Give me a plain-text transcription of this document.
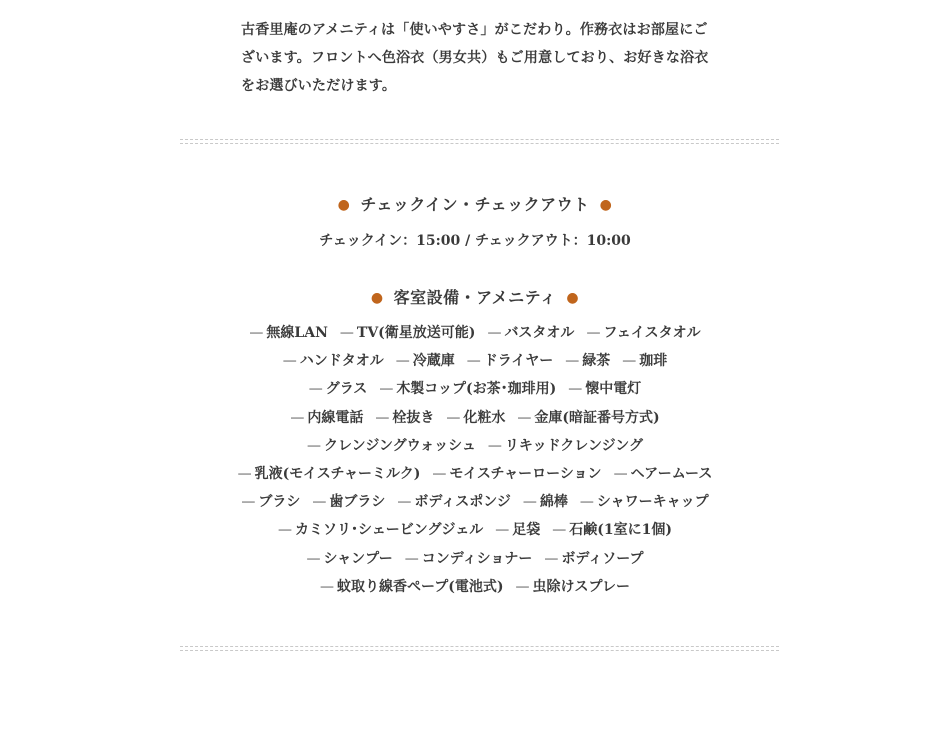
古香里庵のアメニティは「使いやすさ」がこだわり。作務衣はお部屋にご
ざいます。フロントへ色浴衣（男女共）もご用意しており、お好きな浴衣
をお選びいただけます。
● チェックイン・チェックアウト ●
チェックイン：15:00 / チェックアウト：10:00
● 客室設備・アメニティ ●
— 無線LAN — TV(衛星放送可能) — バスタオル — フェイスタオル
— ハンドタオル — 冷蔵庫 — ドライヤー — 緑茶 — 珈琲
— グラス — 木製コップ(お茶･珈琲用) — 懐中電灯
— 内線電話 — 栓抜き — 化粧水 — 金庫(暗証番号方式)
— クレンジングウォッシュ — リキッドクレンジング
— 乳液(モイスチャーミルク) — モイスチャーローション — ヘアームース
— ブラシ — 歯ブラシ — ボディスポンジ — 綿棒 — シャワーキャップ
— カミソリ･シェービングジェル — 足袋 — 石鹸(1室に1個)
— シャンプー — コンディショナー — ボディソープ
— 蚊取り線香ペープ(電池式) — 虫除けスプレー
